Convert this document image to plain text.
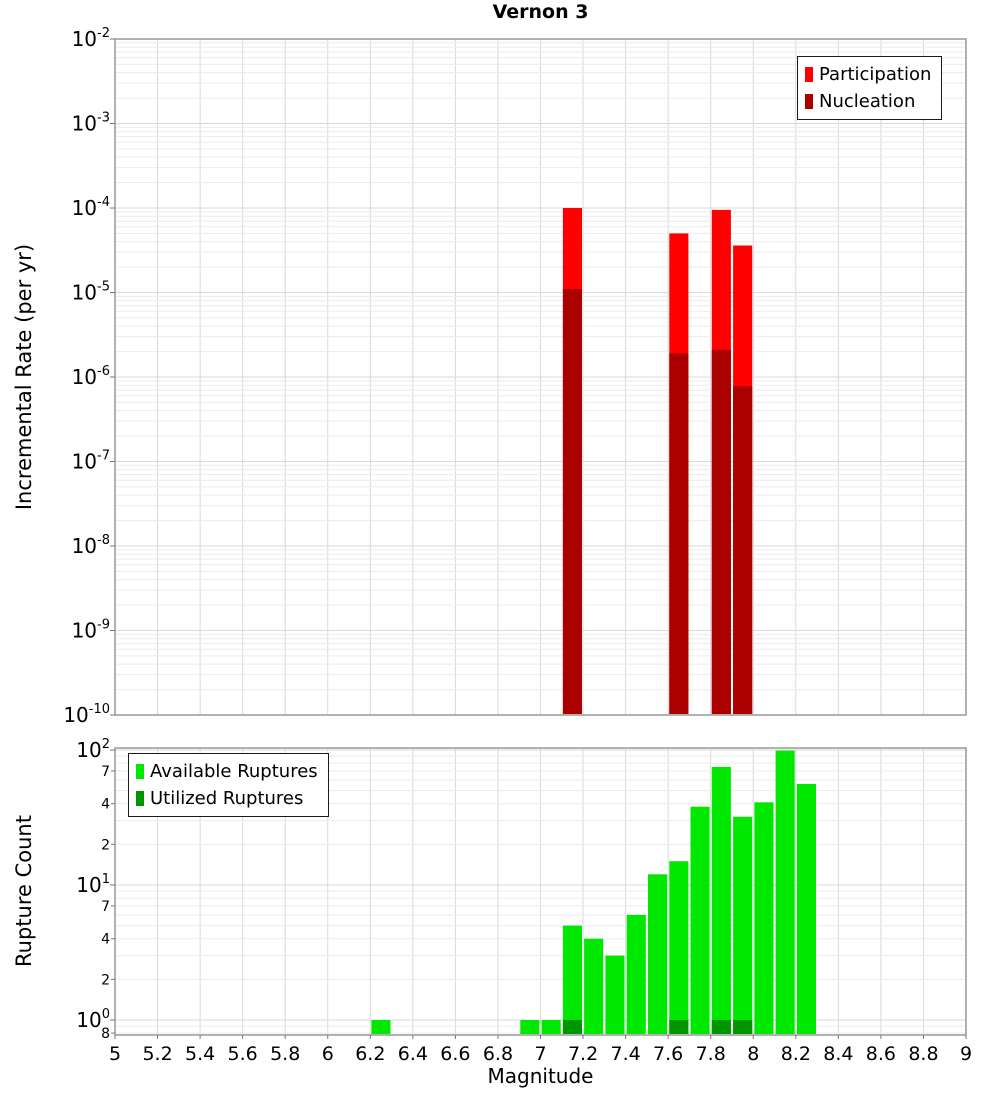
$10^{-2}$
$10^{-3}$
$10^{-4}$
$10^{-5}$
$10^{-6}$
$10^{-7}$
$10^{-8}$
$10^{-9}$
$10^{-10}$
$10^2$
$10^1$
$10^0$
7
4
2
7
4
2
8
5 5.2 5.4 5.6 5.8 6 6.2 6.4 6.6 6.8 7 7.2 7.4 7.6 7.8 8 8.2 8.4 8.6 8.8 9
Vernon 3
Incremental Rate (per yr)
Rupture Count
Magnitude
Participation
Nucleation
Available Ruptures
Utilized Ruptures
